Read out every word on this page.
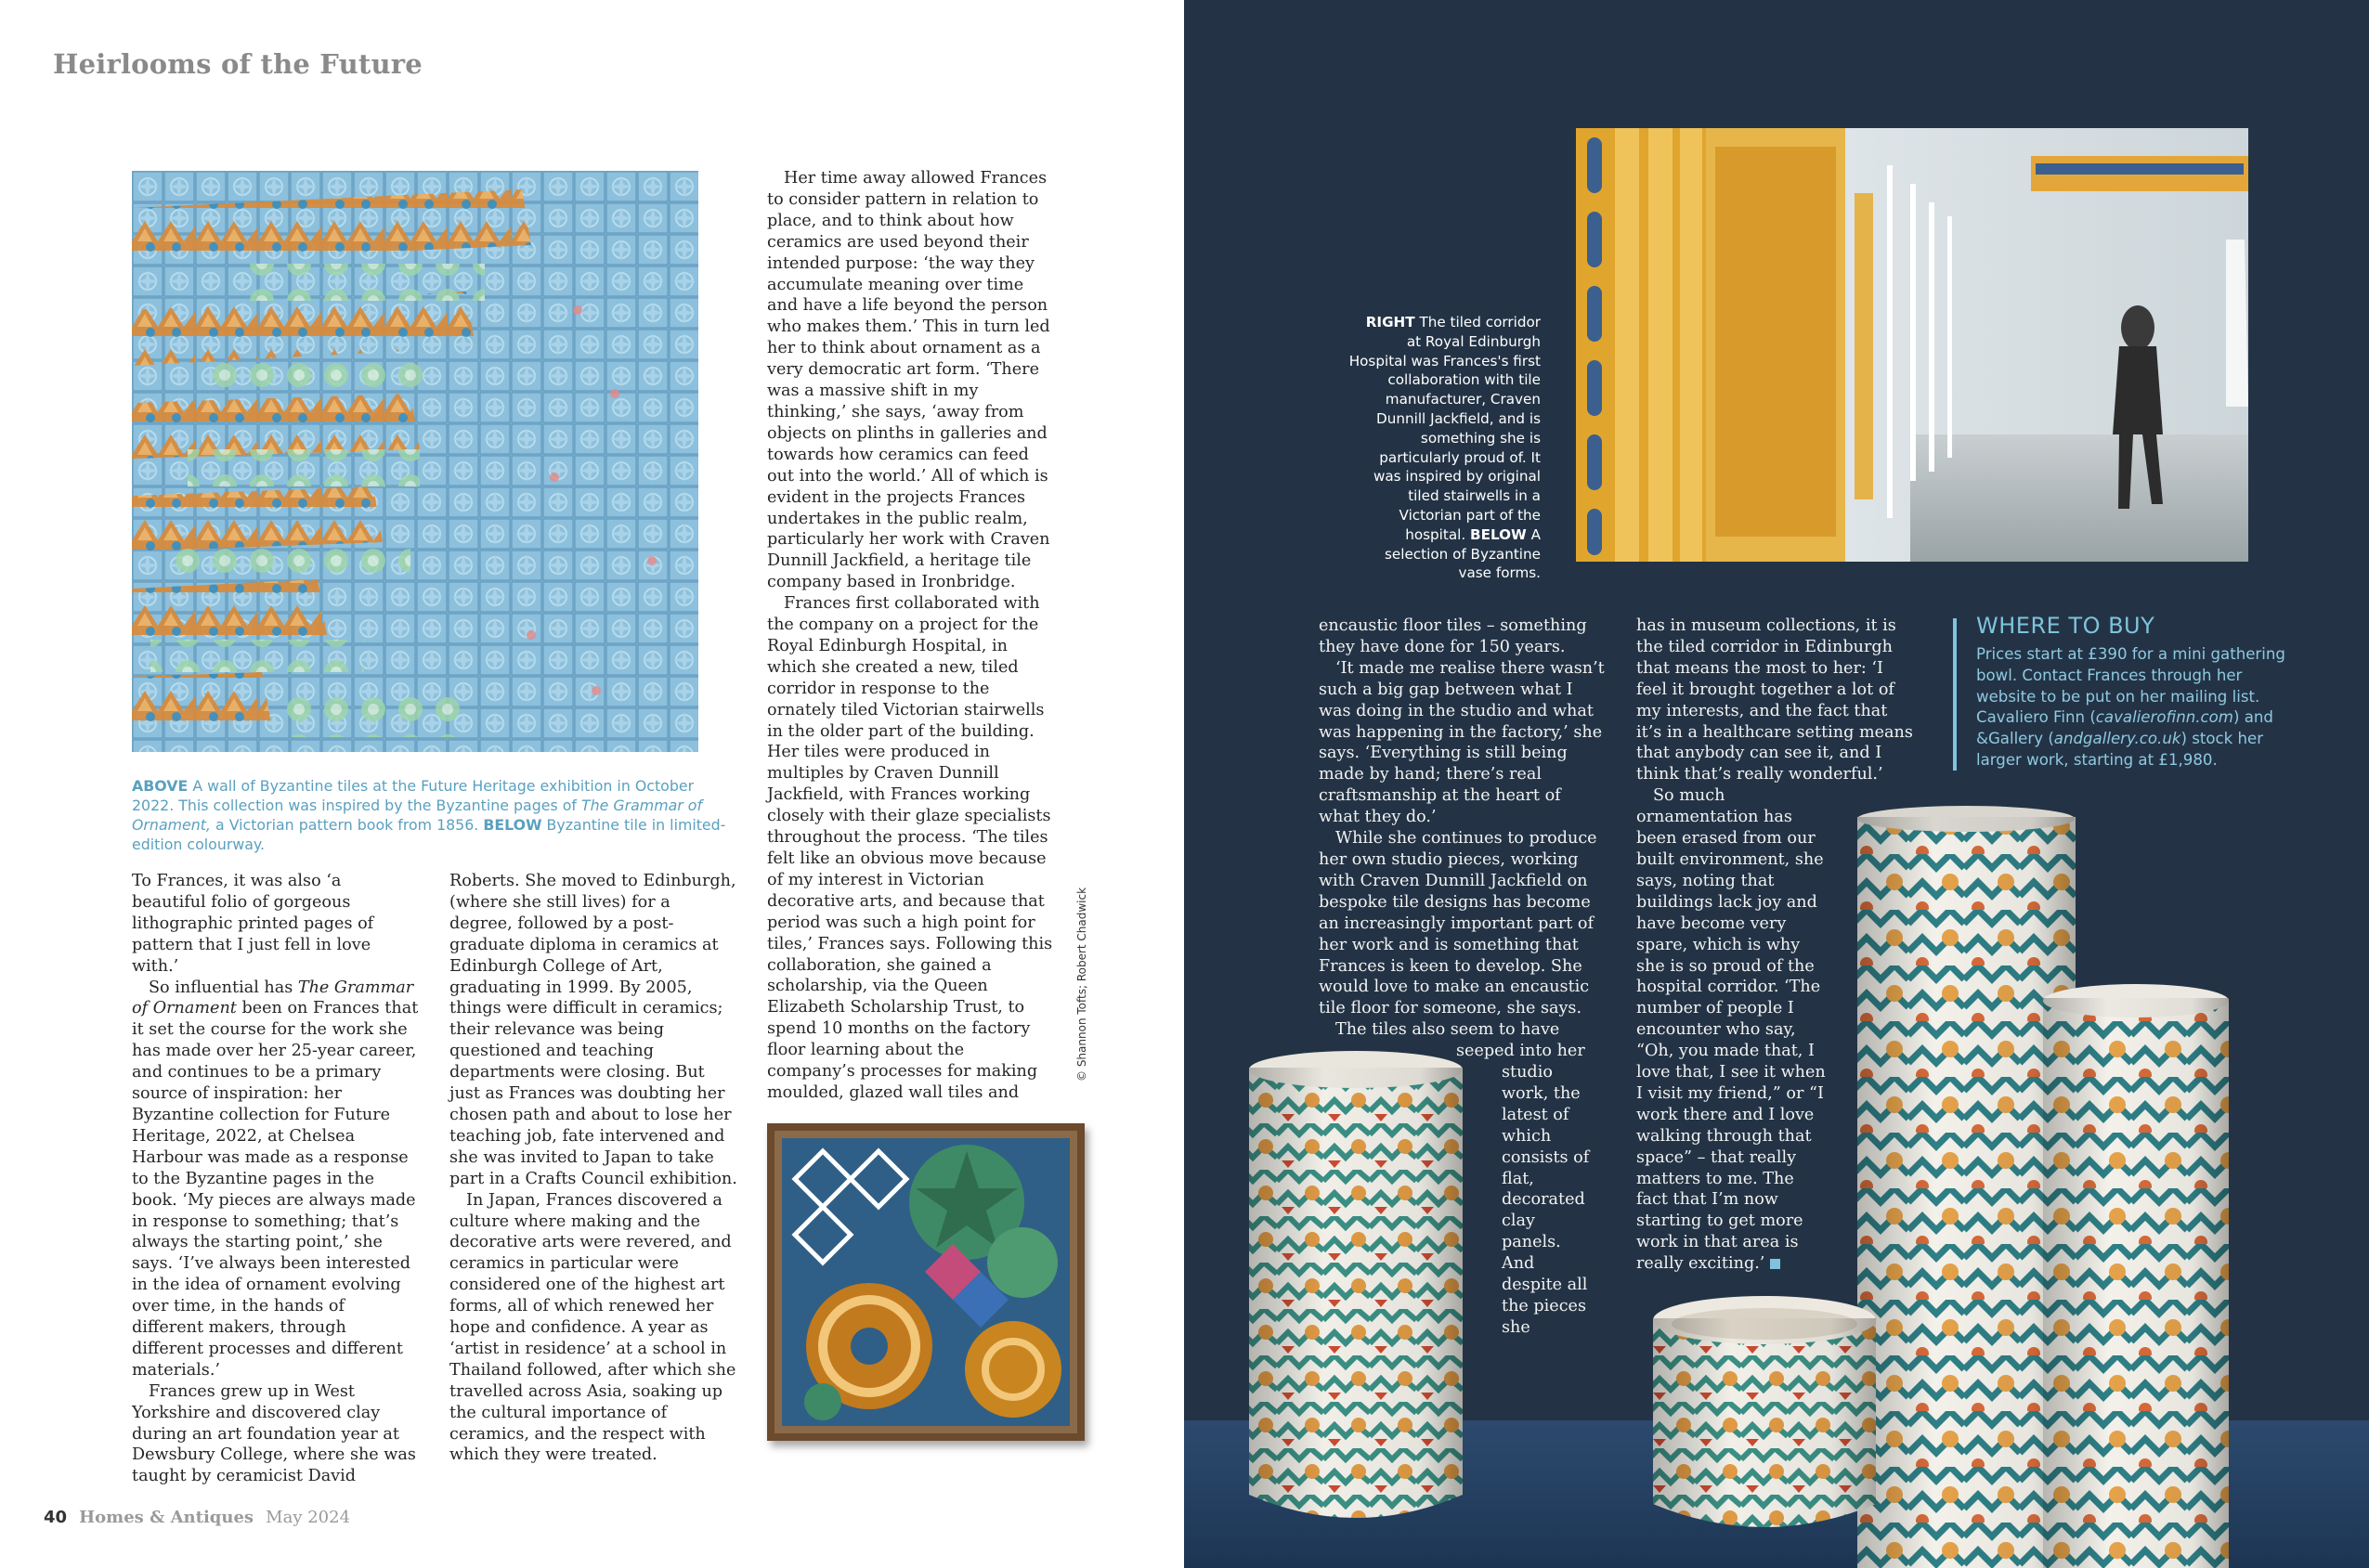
Heirlooms of the Future
ABOVE A wall of Byzantine tiles at the Future Heritage exhibition in October 2022. This collection was inspired by the Byzantine pages of The Grammar of Ornament, a Victorian pattern book from 1856. BELOW Byzantine tile in limited-edition colourway.

To Frances, it was also ‘a beautiful folio of gorgeous lithographic printed pages of pattern that I just fell in love with.’

So influential has The Grammar of Ornament been on Frances that it set the course for the work she has made over her 25-year career, and continues to be a primary source of inspiration: her Byzantine collection for Future Heritage, 2022, at Chelsea Harbour was made as a response to the Byzantine pages in the book. ‘My pieces are always made in response to something; that’s always the starting point,’ she says. ‘I’ve always been interested in the idea of ornament evolving over time, in the hands of different makers, through different processes and different materials.’

Frances grew up in West Yorkshire and discovered clay during an art foundation year at Dewsbury College, where she was taught by ceramicist David

Roberts. She moved to Edinburgh, (where she still lives) for a degree, followed by a post-graduate diploma in ceramics at Edinburgh College of Art, graduating in 1999. By 2005, things were difficult in ceramics; their relevance was being questioned and teaching departments were closing. But just as Frances was doubting her chosen path and about to lose her teaching job, fate intervened and she was invited to Japan to take part in a Crafts Council exhibition.

In Japan, Frances discovered a culture where making and the decorative arts were revered, and ceramics in particular were considered one of the highest art forms, all of which renewed her hope and confidence. A year as ‘artist in residence’ at a school in Thailand followed, after which she travelled across Asia, soaking up the cultural importance of ceramics, and the respect with which they were treated.

Her time away allowed Frances to consider pattern in relation to place, and to think about how ceramics are used beyond their intended purpose: ‘the way they accumulate meaning over time and have a life beyond the person who makes them.’ This in turn led her to think about ornament as a very democratic art form. ‘There was a massive shift in my thinking,’ she says, ‘away from objects on plinths in galleries and towards how ceramics can feed out into the world.’ All of which is evident in the projects Frances undertakes in the public realm, particularly her work with Craven Dunnill Jackfield, a heritage tile company based in Ironbridge.

Frances first collaborated with the company on a project for the Royal Edinburgh Hospital, in which she created a new, tiled corridor in response to the ornately tiled Victorian stairwells in the older part of the building. Her tiles were produced in multiples by Craven Dunnill Jackfield, with Frances working closely with their glaze specialists throughout the process. ‘The tiles felt like an obvious move because of my interest in Victorian decorative arts, and because that period was such a high point for tiles,’ Frances says. Following this collaboration, she gained a scholarship, via the Queen Elizabeth Scholarship Trust, to spend 10 months on the factory floor learning about the company’s processes for making moulded, glazed wall tiles and

© Shannon Tofts; Robert Chadwick
40 Homes & Antiques May 2024
RIGHT The tiled corridor at Royal Edinburgh Hospital was Frances's first collaboration with tile manufacturer, Craven Dunnill Jackfield, and is something she is particularly proud of. It was inspired by original tiled stairwells in a Victorian part of the hospital. BELOW A selection of Byzantine vase forms.

encaustic floor tiles – something they have done for 150 years.

‘It made me realise there wasn’t such a big gap between what I was doing in the studio and what was happening in the factory,’ she says. ‘Everything is still being made by hand; there’s real craftsmanship at the heart of what they do.’

While she continues to produce her own studio pieces, working with Craven Dunnill Jackfield on bespoke tile designs has become an increasingly important part of her work and is something that Frances is keen to develop. She would love to make an encaustic tile floor for someone, she says.

The tiles also seem to have

seeped into her

studio work, the latest of which consists of flat, decorated clay panels. And despite all the pieces she

has in museum collections, it is the tiled corridor in Edinburgh that means the most to her: ‘I feel it brought together a lot of my interests, and the fact that it’s in a healthcare setting means that anybody can see it, and I think that’s really wonderful.’

So much ornamentation has been erased from our built environment, she says, noting that buildings lack joy and have become very spare, which is why she is so proud of the hospital corridor. ‘The number of people I encounter who say, “Oh, you made that, I love that, I see it when I visit my friend,” or “I work there and I love walking through that space” – that really matters to me. The fact that I’m now starting to get more work in that area is really exciting.’

WHERE TO BUY
Prices start at £390 for a mini gathering bowl. Contact Frances through her website to be put on her mailing list. Cavaliero Finn (cavalierofinn.com) and &Gallery (andgallery.co.uk) stock her larger work, starting at £1,980.
